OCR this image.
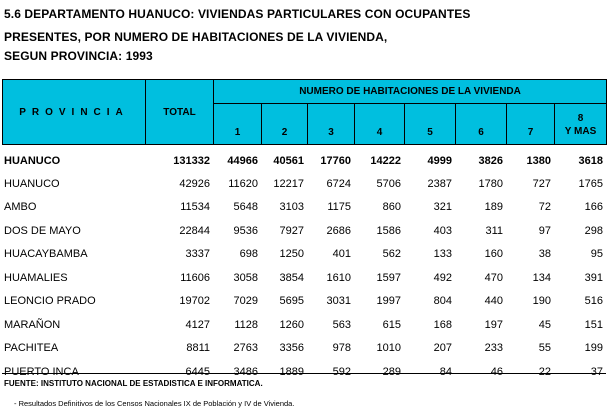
5.6 DEPARTAMENTO HUANUCO: VIVIENDAS PARTICULARES CON OCUPANTES
PRESENTES, POR NUMERO DE HABITACIONES DE LA VIVIENDA,
SEGUN PROVINCIA: 1993
PROVINCIA	TOTAL	NUMERO DE HABITACIONES DE LA VIVIENDA							
		1	2	3	4	5	6	7	8
Y MAS
HUANUCO	131332	44966	40561	17760	14222	4999	3826	1380	3618
HUANUCO	42926	11620	12217	6724	5706	2387	1780	727	1765
AMBO	11534	5648	3103	1175	860	321	189	72	166
DOS DE MAYO	22844	9536	7927	2686	1586	403	311	97	298
HUACAYBAMBA	3337	698	1250	401	562	133	160	38	95
HUAMALIES	11606	3058	3854	1610	1597	492	470	134	391
LEONCIO PRADO	19702	7029	5695	3031	1997	804	440	190	516
MARAÑON	4127	1128	1260	563	615	168	197	45	151
PACHITEA	8811	2763	3356	978	1010	207	233	55	199
PUERTO INCA	6445	3486	1889	592	289	84	46	22	37
FUENTE: INSTITUTO NACIONAL DE ESTADISTICA E INFORMATICA.
- Resultados Definitivos de los Censos Nacionales IX de Población y IV de Vivienda.
